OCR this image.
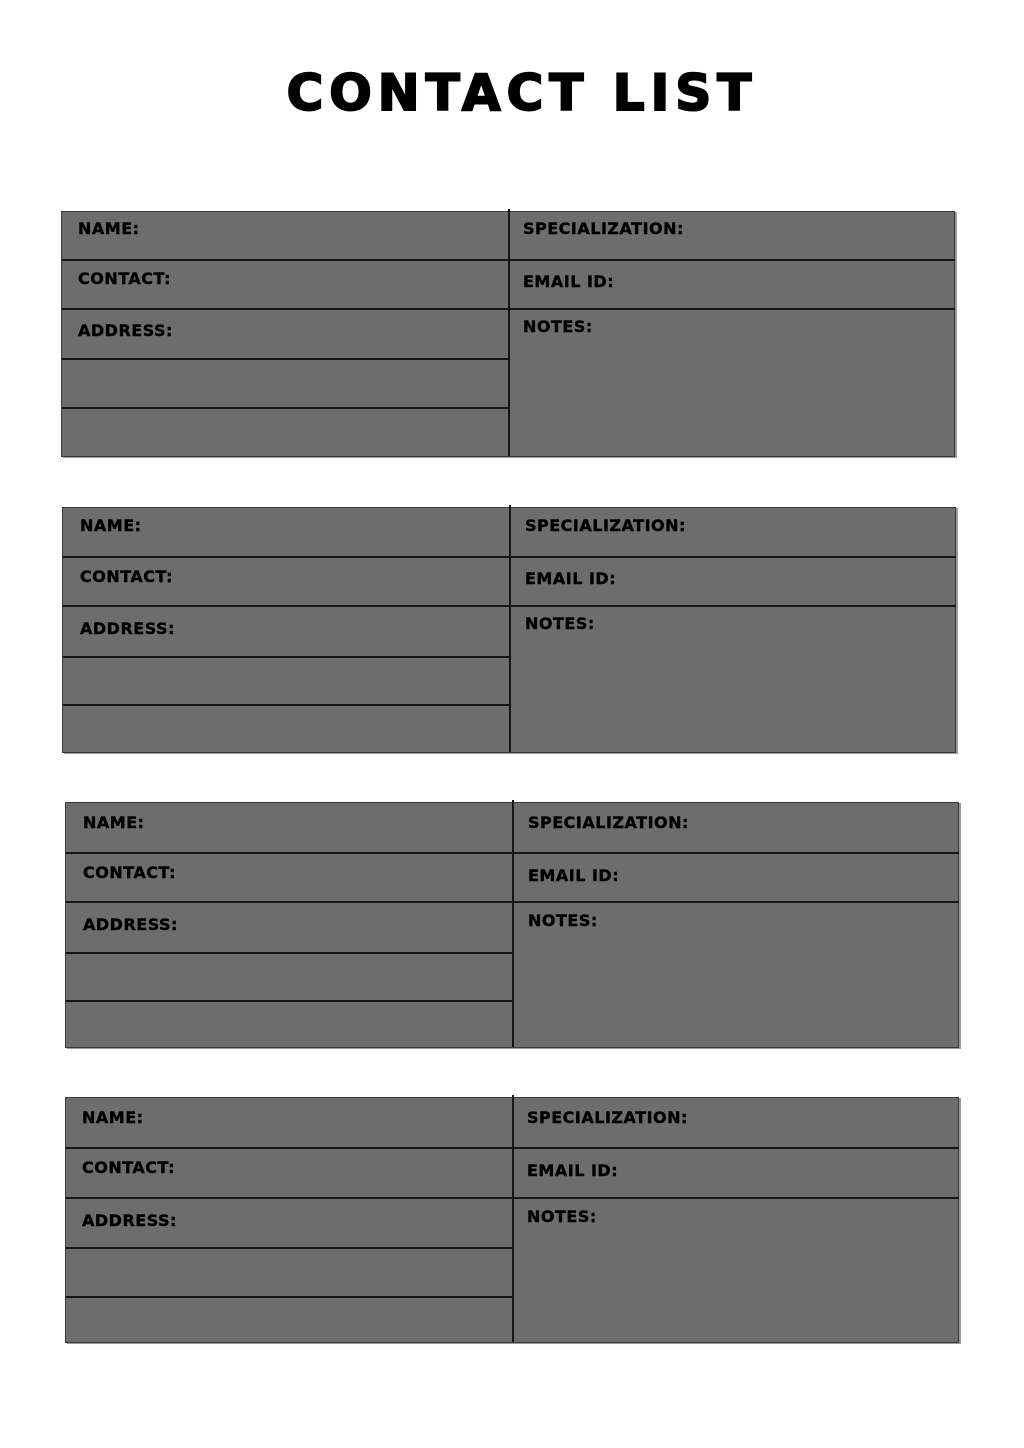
CONTACT LIST
NAME:	SPECIALIZATION:
CONTACT:	EMAIL ID:
ADDRESS:	NOTES:
NAME:	SPECIALIZATION:
CONTACT:	EMAIL ID:
ADDRESS:	NOTES:
NAME:	SPECIALIZATION:
CONTACT:	EMAIL ID:
ADDRESS:	NOTES:
NAME:	SPECIALIZATION:
CONTACT:	EMAIL ID:
ADDRESS:	NOTES:
